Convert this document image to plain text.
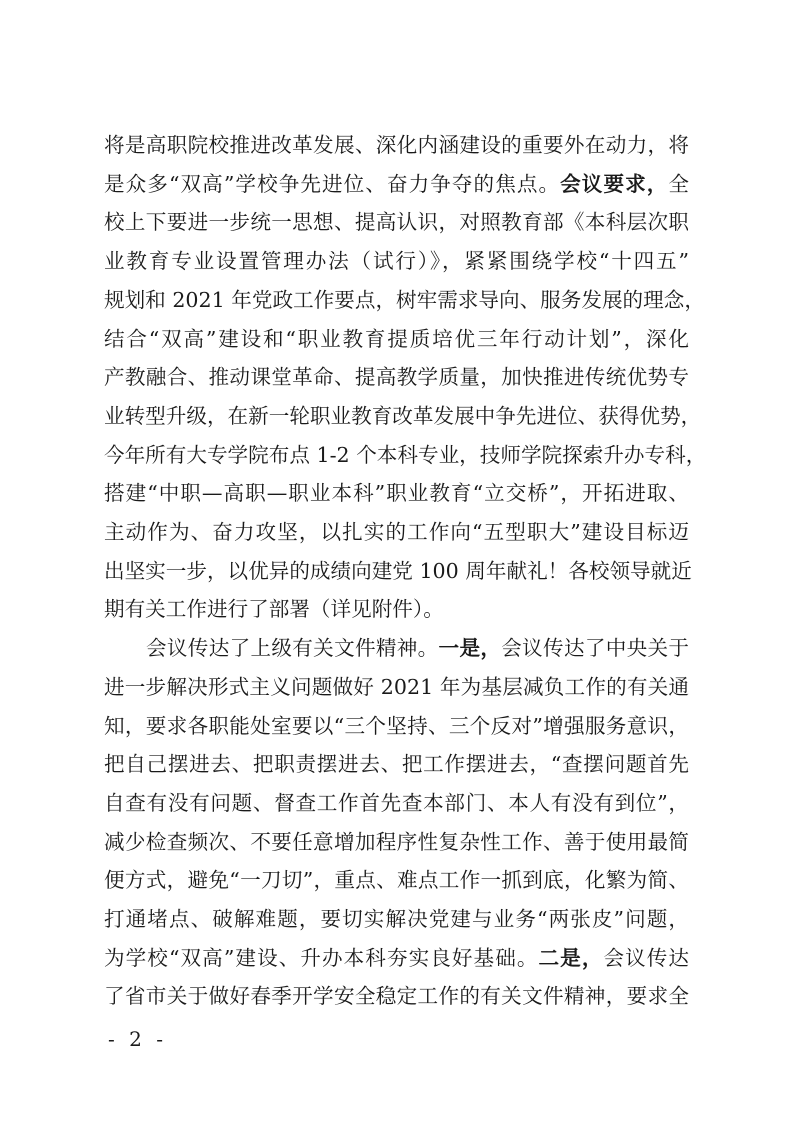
将是高职院校推进改革发展、深化内涵建设的重要外在动力，将
是众多“双高”学校争先进位、奋力争夺的焦点。会议要求，全
校上下要进一步统一思想、提高认识，对照教育部《本科层次职
业教育专业设置管理办法（试行）》，紧紧围绕学校“十四五”
规划和 2021 年党政工作要点，树牢需求导向、服务发展的理念，
结合“双高”建设和“职业教育提质培优三年行动计划”，深化
产教融合、推动课堂革命、提高教学质量，加快推进传统优势专
业转型升级，在新一轮职业教育改革发展中争先进位、获得优势，
今年所有大专学院布点 1-2 个本科专业，技师学院探索升办专科，
搭建“中职—高职—职业本科”职业教育“立交桥”，开拓进取、
主动作为、奋力攻坚，以扎实的工作向“五型职大”建设目标迈
出坚实一步，以优异的成绩向建党 100 周年献礼！各校领导就近
期有关工作进行了部署（详见附件）。
会议传达了上级有关文件精神。一是，会议传达了中央关于
进一步解决形式主义问题做好 2021 年为基层减负工作的有关通
知，要求各职能处室要以“三个坚持、三个反对”增强服务意识，
把自己摆进去、把职责摆进去、把工作摆进去，“查摆问题首先
自查有没有问题、督查工作首先查本部门、本人有没有到位”，
减少检查频次、不要任意增加程序性复杂性工作、善于使用最简
便方式，避免“一刀切”，重点、难点工作一抓到底，化繁为简、
打通堵点、破解难题，要切实解决党建与业务“两张皮”问题，
为学校“双高”建设、升办本科夯实良好基础。二是，会议传达
了省市关于做好春季开学安全稳定工作的有关文件精神，要求全
- 2 -
